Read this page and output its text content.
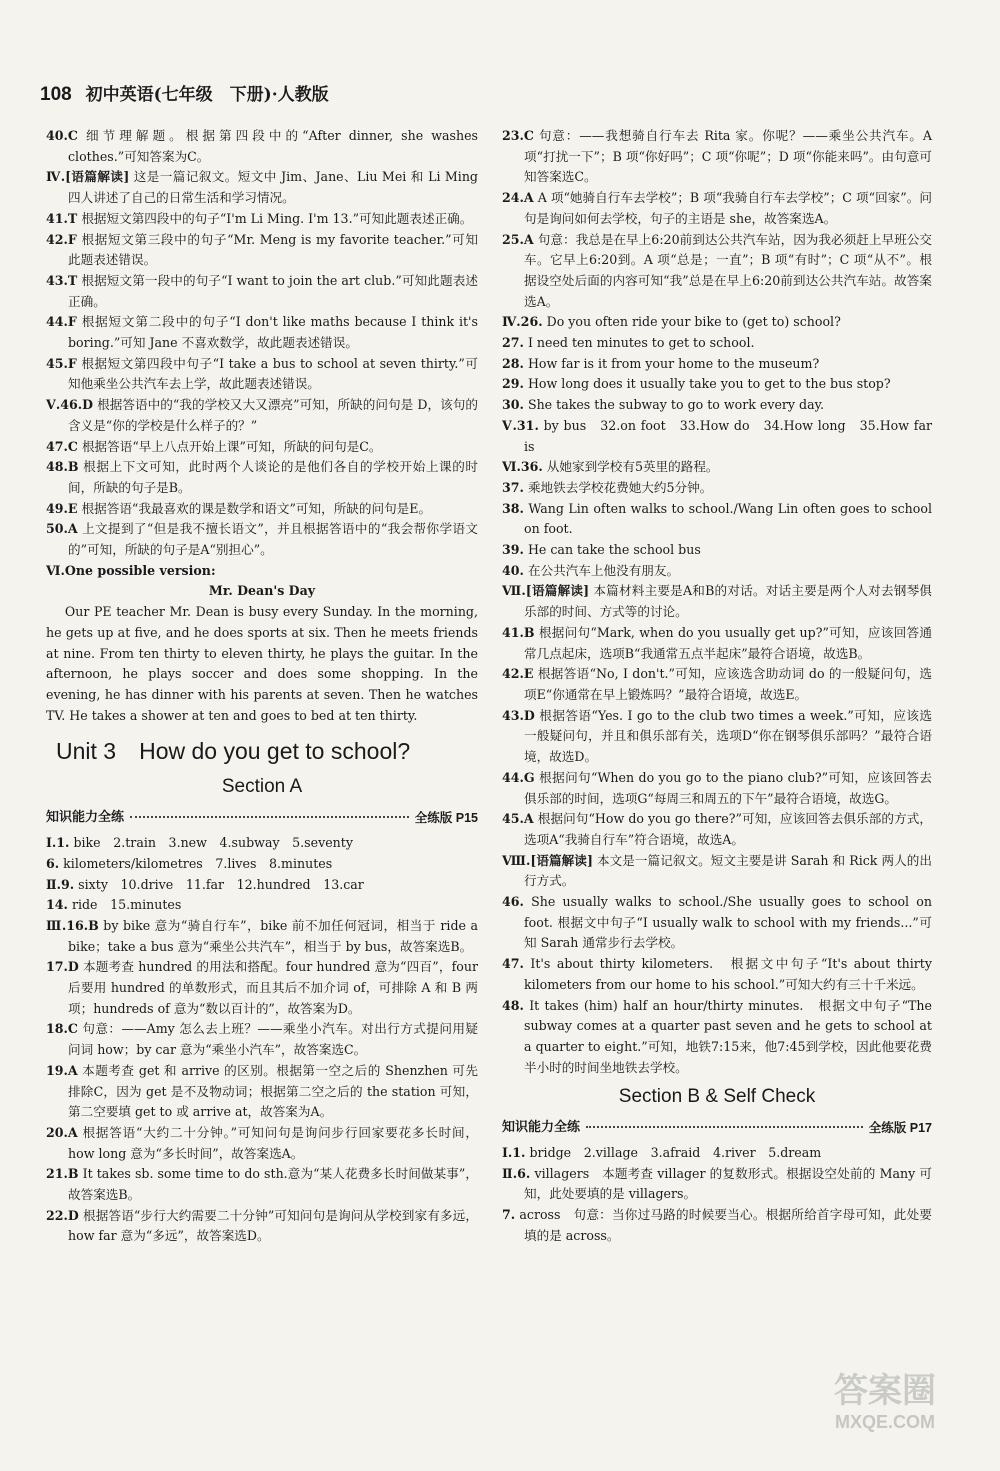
108 初中英语(七年级　下册)·人教版

40.C 细节理解题。根据第四段中的“After dinner, she washes clothes.”可知答案为C。

Ⅳ.[语篇解读] 这是一篇记叙文。短文中 Jim、Jane、Liu Mei 和 Li Ming 四人讲述了自己的日常生活和学习情况。

41.T 根据短文第四段中的句子“I'm Li Ming. I'm 13.”可知此题表述正确。

42.F 根据短文第三段中的句子“Mr. Meng is my favorite teacher.”可知此题表述错误。

43.T 根据短文第一段中的句子“I want to join the art club.”可知此题表述正确。

44.F 根据短文第二段中的句子“I don't like maths because I think it's boring.”可知 Jane 不喜欢数学，故此题表述错误。

45.F 根据短文第四段中句子“I take a bus to school at seven thirty.”可知他乘坐公共汽车去上学，故此题表述错误。

Ⅴ.46.D 根据答语中的“我的学校又大又漂亮”可知，所缺的问句是 D，该句的含义是“你的学校是什么样子的？”

47.C 根据答语“早上八点开始上课”可知，所缺的问句是C。

48.B 根据上下文可知，此时两个人谈论的是他们各自的学校开始上课的时间，所缺的句子是B。

49.E 根据答语“我最喜欢的课是数学和语文”可知，所缺的问句是E。

50.A 上文提到了“但是我不擅长语文”，并且根据答语中的“我会帮你学语文的”可知，所缺的句子是A“别担心”。

Ⅵ.One possible version:

Mr. Dean's Day

Our PE teacher Mr. Dean is busy every Sunday. In the morning, he gets up at five, and he does sports at six. Then he meets friends at nine. From ten thirty to eleven thirty, he plays the guitar. In the afternoon, he plays soccer and does some shopping. In the evening, he has dinner with his parents at seven. Then he watches TV. He takes a shower at ten and goes to bed at ten thirty.

Unit 3　How do you get to school?
Section A
知识能力全练	全练版 P15

Ⅰ.1. bike　2.train　3.new　4.subway　5.seventy

6. kilometers/kilometres　7.lives　8.minutes

Ⅱ.9. sixty　10.drive　11.far　12.hundred　13.car

14. ride　15.minutes

Ⅲ.16.B by bike 意为“骑自行车”，bike 前不加任何冠词，相当于 ride a bike；take a bus 意为“乘坐公共汽车”，相当于 by bus，故答案选B。

17.D 本题考查 hundred 的用法和搭配。four hundred 意为“四百”，four 后要用 hundred 的单数形式，而且其后不加介词 of，可排除 A 和 B 两项；hundreds of 意为“数以百计的”，故答案为D。

18.C 句意：——Amy 怎么去上班？——乘坐小汽车。对出行方式提问用疑问词 how；by car 意为“乘坐小汽车”，故答案选C。

19.A 本题考查 get 和 arrive 的区别。根据第一空之后的 Shenzhen 可先排除C，因为 get 是不及物动词；根据第二空之后的 the station 可知，第二空要填 get to 或 arrive at，故答案为A。

20.A 根据答语“大约二十分钟。”可知问句是询问步行回家要花多长时间，how long 意为“多长时间”，故答案选A。

21.B It takes sb. some time to do sth.意为“某人花费多长时间做某事”，故答案选B。

22.D 根据答语“步行大约需要二十分钟”可知问句是询问从学校到家有多远，how far 意为“多远”，故答案选D。

23.C 句意：——我想骑自行车去 Rita 家。你呢？——乘坐公共汽车。A 项“打扰一下”；B 项“你好吗”；C 项“你呢”；D 项“你能来吗”。由句意可知答案选C。

24.A A 项“她骑自行车去学校”；B 项“我骑自行车去学校”；C 项“回家”。问句是询问如何去学校，句子的主语是 she，故答案选A。

25.A 句意：我总是在早上6:20前到达公共汽车站，因为我必须赶上早班公交车。它早上6:20到。A 项“总是；一直”；B 项“有时”；C 项“从不”。根据设空处后面的内容可知“我”总是在早上6:20前到达公共汽车站。故答案选A。

Ⅳ.26. Do you often ride your bike to (get to) school?

27. I need ten minutes to get to school.

28. How far is it from your home to the museum?

29. How long does it usually take you to get to the bus stop?

30. She takes the subway to go to work every day.

Ⅴ.31. by bus　32.on foot　33.How do　34.How long　35.How far is

Ⅵ.36. 从她家到学校有5英里的路程。

37. 乘地铁去学校花费她大约5分钟。

38. Wang Lin often walks to school./Wang Lin often goes to school on foot.

39. He can take the school bus

40. 在公共汽车上他没有朋友。

Ⅶ.[语篇解读] 本篇材料主要是A和B的对话。对话主要是两个人对去钢琴俱乐部的时间、方式等的讨论。

41.B 根据问句“Mark, when do you usually get up?”可知，应该回答通常几点起床，选项B“我通常五点半起床”最符合语境，故选B。

42.E 根据答语“No, I don't.”可知，应该选含助动词 do 的一般疑问句，选项E“你通常在早上锻炼吗？”最符合语境，故选E。

43.D 根据答语“Yes. I go to the club two times a week.”可知，应该选一般疑问句，并且和俱乐部有关，选项D“你在钢琴俱乐部吗？”最符合语境，故选D。

44.G 根据问句“When do you go to the piano club?”可知，应该回答去俱乐部的时间，选项G“每周三和周五的下午”最符合语境，故选G。

45.A 根据问句“How do you go there?”可知，应该回答去俱乐部的方式，选项A“我骑自行车”符合语境，故选A。

Ⅷ.[语篇解读] 本文是一篇记叙文。短文主要是讲 Sarah 和 Rick 两人的出行方式。

46. She usually walks to school./She usually goes to school on foot. 根据文中句子“I usually walk to school with my friends...”可知 Sarah 通常步行去学校。

47. It's about thirty kilometers.　根据文中句子“It's about thirty kilometers from our home to his school.”可知大约有三十千米远。

48. It takes (him) half an hour/thirty minutes.　根据文中句子“The subway comes at a quarter past seven and he gets to school at a quarter to eight.”可知，地铁7:15来，他7:45到学校，因此他要花费半小时的时间坐地铁去学校。

Section B & Self Check
知识能力全练	全练版 P17

Ⅰ.1. bridge　2.village　3.afraid　4.river　5.dream

Ⅱ.6. villagers　本题考查 villager 的复数形式。根据设空处前的 Many 可知，此处要填的是 villagers。

7. across　句意：当你过马路的时候要当心。根据所给首字母可知，此处要填的是 across。

答案圈
MXQE.COM
